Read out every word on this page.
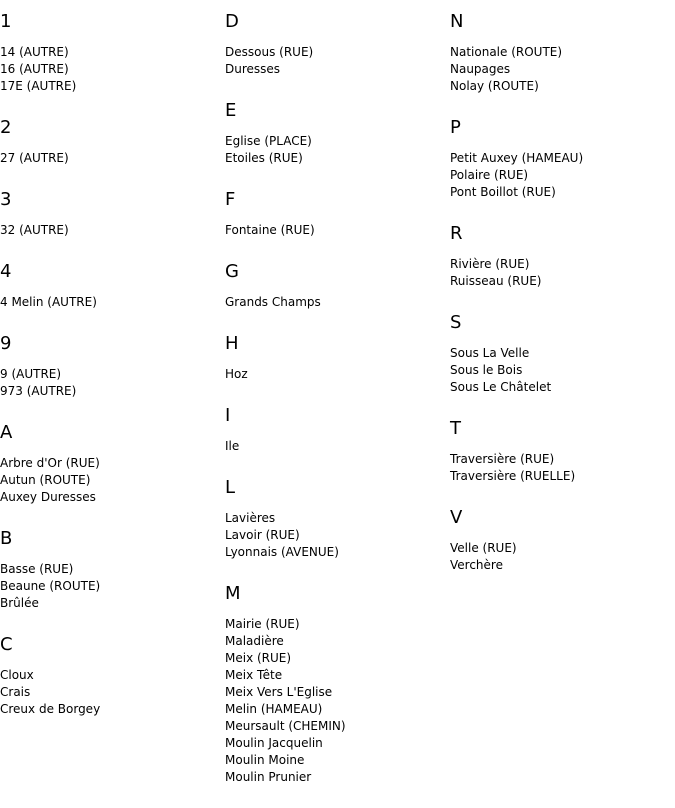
1
14 (AUTRE)
16 (AUTRE)
17E (AUTRE)
2
27 (AUTRE)
3
32 (AUTRE)
4
4 Melin (AUTRE)
9
9 (AUTRE)
973 (AUTRE)
A
Arbre d'Or (RUE)
Autun (ROUTE)
Auxey Duresses
B
Basse (RUE)
Beaune (ROUTE)
Brûlée
C
Cloux
Crais
Creux de Borgey
D
Dessous (RUE)
Duresses
E
Eglise (PLACE)
Etoiles (RUE)
F
Fontaine (RUE)
G
Grands Champs
H
Hoz
I
Ile
L
Lavières
Lavoir (RUE)
Lyonnais (AVENUE)
M
Mairie (RUE)
Maladière
Meix (RUE)
Meix Tête
Meix Vers L'Eglise
Melin (HAMEAU)
Meursault (CHEMIN)
Moulin Jacquelin
Moulin Moine
Moulin Prunier
N
Nationale (ROUTE)
Naupages
Nolay (ROUTE)
P
Petit Auxey (HAMEAU)
Polaire (RUE)
Pont Boillot (RUE)
R
Rivière (RUE)
Ruisseau (RUE)
S
Sous La Velle
Sous le Bois
Sous Le Châtelet
T
Traversière (RUE)
Traversière (RUELLE)
V
Velle (RUE)
Verchère
